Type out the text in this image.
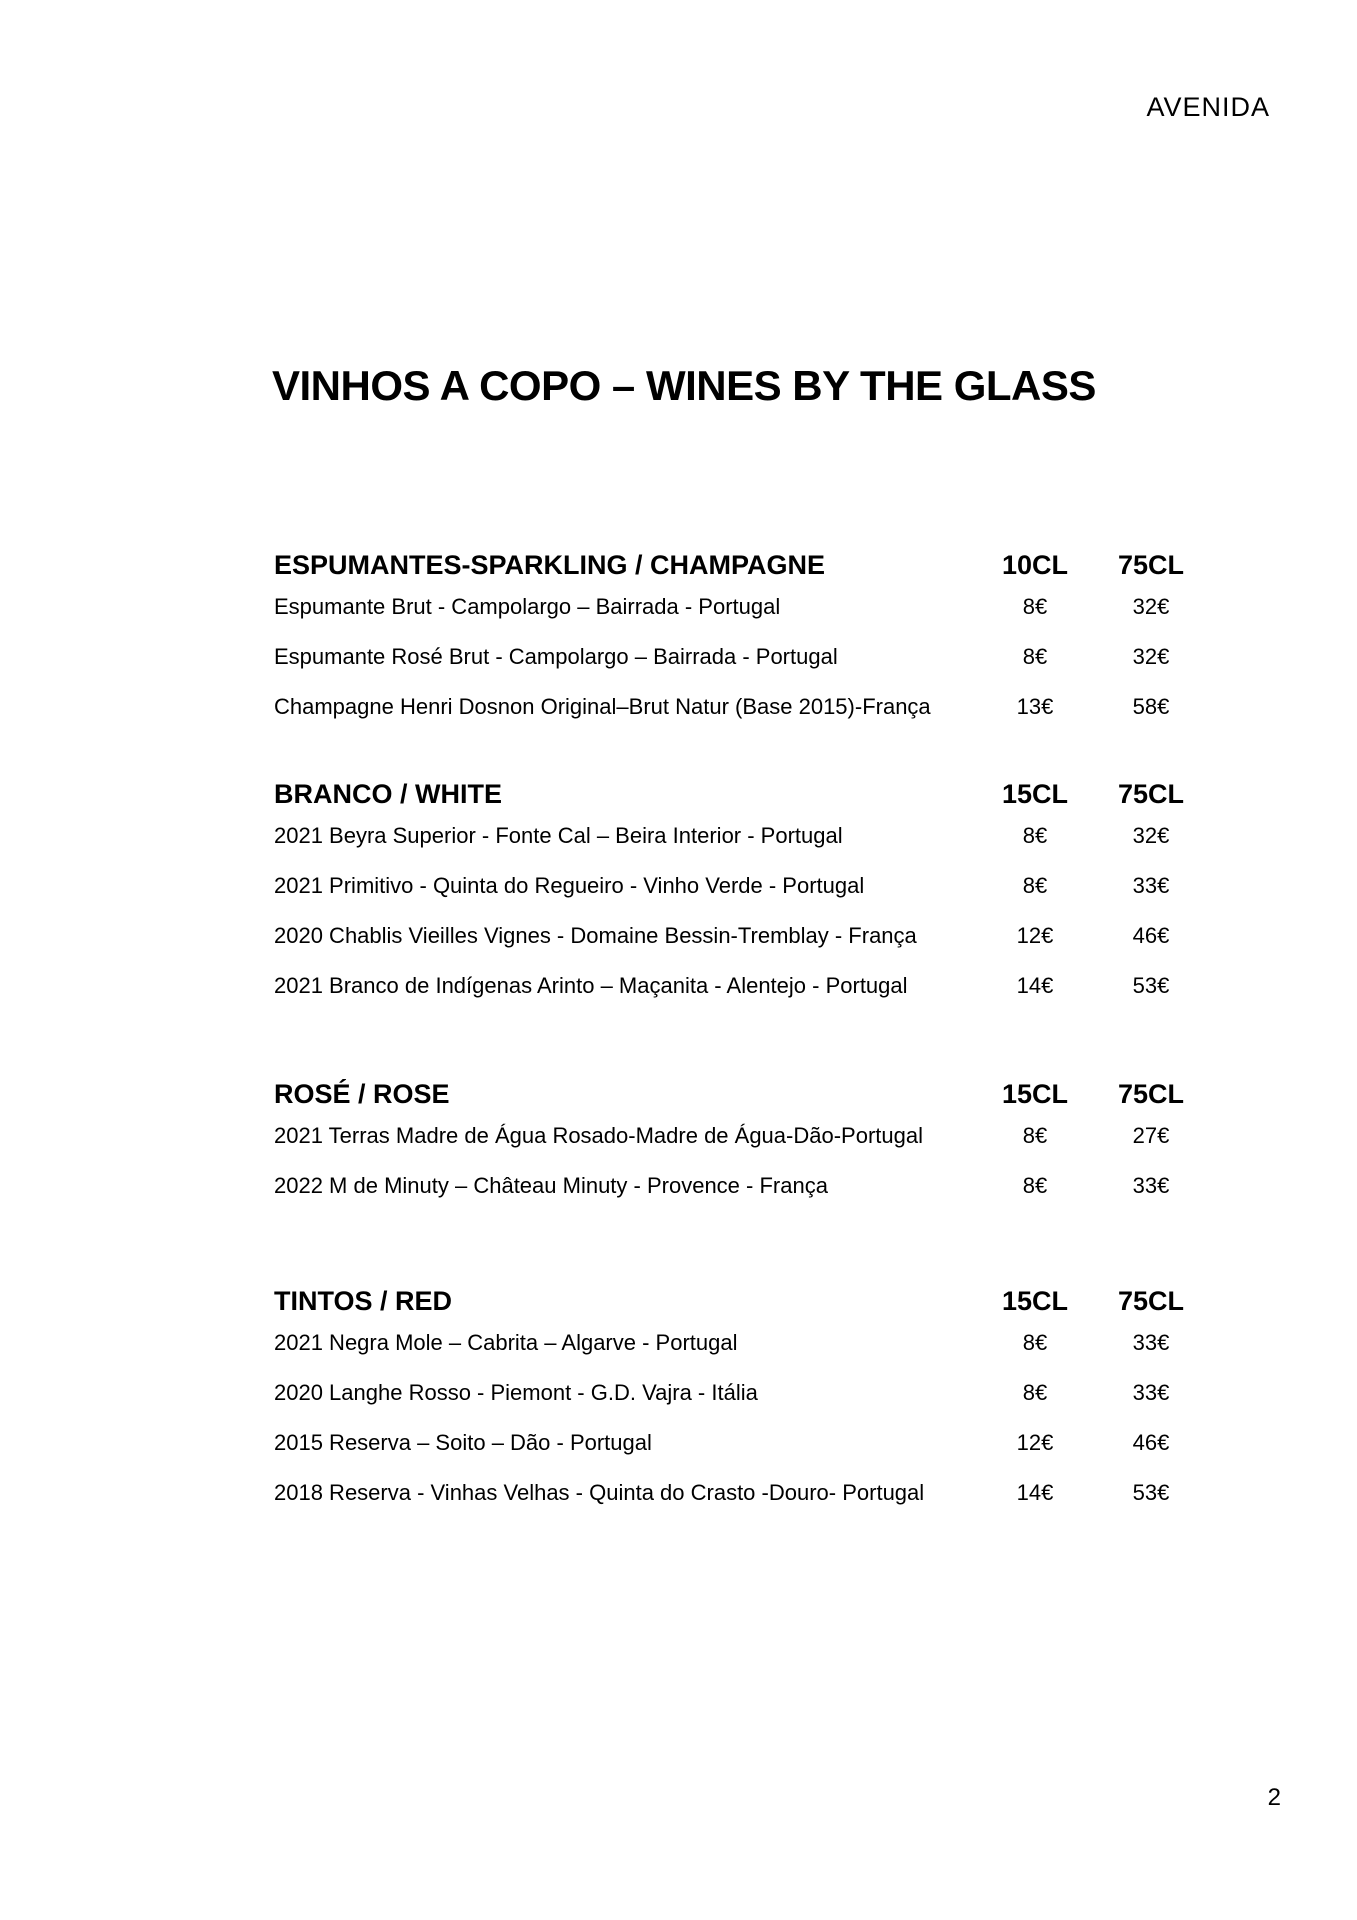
AVENIDA
VINHOS A COPO – WINES BY THE GLASS
ESPUMANTES-SPARKLING / CHAMPAGNE	10CL	75CL
Espumante Brut - Campolargo – Bairrada - Portugal	8€	32€
Espumante Rosé Brut - Campolargo – Bairrada - Portugal	8€	32€
Champagne Henri Dosnon Original–Brut Natur (Base 2015)-França	13€	58€
BRANCO / WHITE	15CL	75CL
2021 Beyra Superior - Fonte Cal – Beira Interior - Portugal	8€	32€
2021 Primitivo - Quinta do Regueiro - Vinho Verde - Portugal	8€	33€
2020 Chablis Vieilles Vignes - Domaine Bessin-Tremblay - França	12€	46€
2021 Branco de Indígenas Arinto – Maçanita - Alentejo - Portugal	14€	53€
ROSÉ / ROSE	15CL	75CL
2021 Terras Madre de Água Rosado-Madre de Água-Dão-Portugal	8€	27€
2022 M de Minuty – Château Minuty - Provence - França	8€	33€
TINTOS / RED	15CL	75CL
2021 Negra Mole – Cabrita – Algarve - Portugal	8€	33€
2020 Langhe Rosso - Piemont - G.D. Vajra - Itália	8€	33€
2015 Reserva – Soito – Dão - Portugal	12€	46€
2018 Reserva - Vinhas Velhas - Quinta do Crasto -Douro- Portugal	14€	53€
2
